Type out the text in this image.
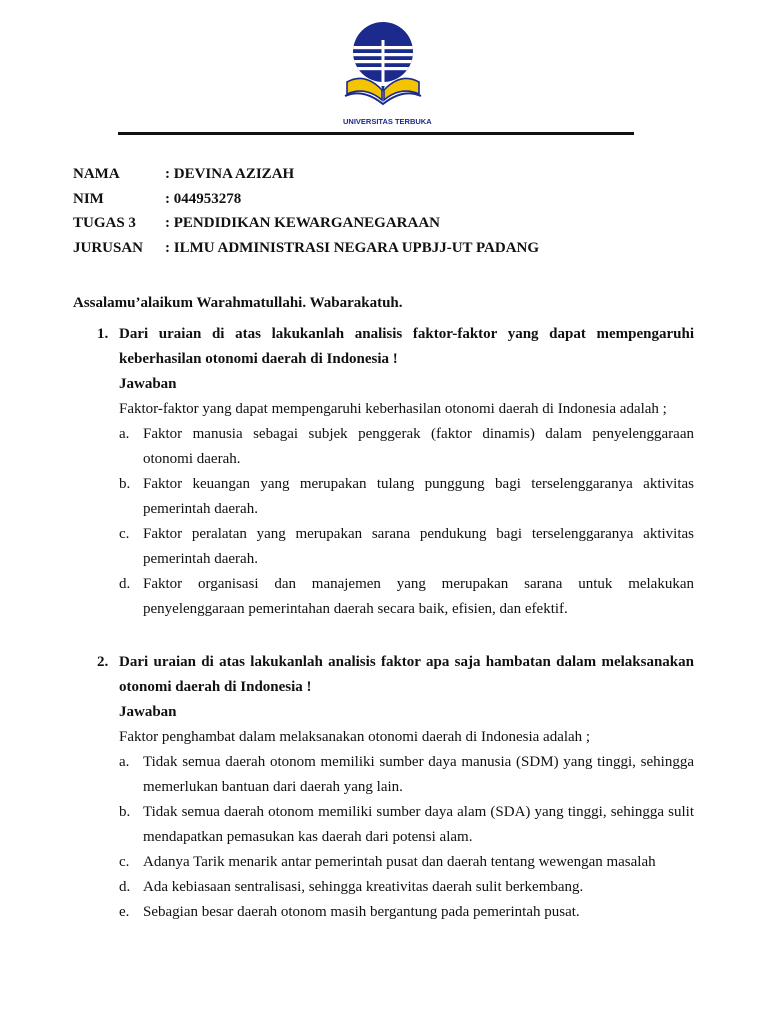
UNIVERSITAS TERBUKA
NAMA	: DEVINA AZIZAH
NIM	: 044953278
TUGAS 3	: PENDIDIKAN KEWARGANEGARAAN
JURUSAN	: ILMU ADMINISTRASI NEGARA UPBJJ-UT PADANG

Assalamu’alaikum Warahmatullahi. Wabarakatuh.

1. Dari uraian di atas lakukanlah analisis faktor-faktor yang dapat mempengaruhi keberhasilan otonomi daerah di Indonesia !
Jawaban
Faktor-faktor yang dapat mempengaruhi keberhasilan otonomi daerah di Indonesia adalah ;
a. Faktor manusia sebagai subjek penggerak (faktor dinamis) dalam penyelenggaraan otonomi daerah.
b. Faktor keuangan yang merupakan tulang punggung bagi terselenggaranya aktivitas pemerintah daerah.
c. Faktor peralatan yang merupakan sarana pendukung bagi terselenggaranya aktivitas pemerintah daerah.
d. Faktor organisasi dan manajemen yang merupakan sarana untuk melakukan penyelenggaraan pemerintahan daerah secara baik, efisien, dan efektif.
2. Dari uraian di atas lakukanlah analisis faktor apa saja hambatan dalam melaksanakan otonomi daerah di Indonesia !
Jawaban
Faktor penghambat dalam melaksanakan otonomi daerah di Indonesia adalah ;
a. Tidak semua daerah otonom memiliki sumber daya manusia (SDM) yang tinggi, sehingga memerlukan bantuan dari daerah yang lain.
b. Tidak semua daerah otonom memiliki sumber daya alam (SDA) yang tinggi, sehingga sulit mendapatkan pemasukan kas daerah dari potensi alam.
c. Adanya Tarik menarik antar pemerintah pusat dan daerah tentang wewengan masalah
d. Ada kebiasaan sentralisasi, sehingga kreativitas daerah sulit berkembang.
e. Sebagian besar daerah otonom masih bergantung pada pemerintah pusat.
